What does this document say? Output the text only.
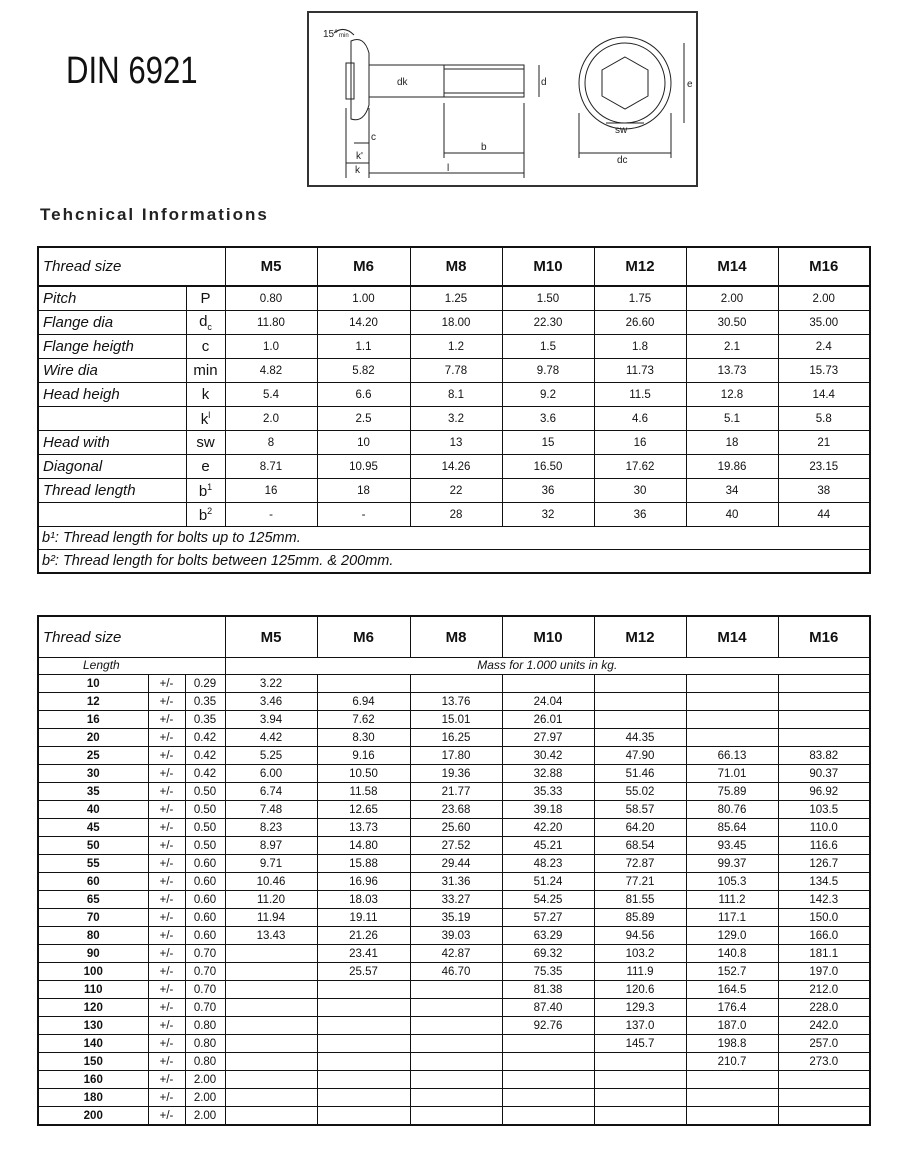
DIN 6921
15° min
dk	d
c
k'
k
b
l
e
sw
dc
Tehcnical Informations
Thread size		M5	M6	M8	M10	M12	M14	M16
Pitch	P	0.80	1.00	1.25	1.50	1.75	2.00	2.00
Flange dia	$d_c$	11.80	14.20	18.00	22.30	26.60	30.50	35.00
Flange heigth	c	1.0	1.1	1.2	1.5	1.8	2.1	2.4
Wire dia	min	4.82	5.82	7.78	9.78	11.73	13.73	15.73
Head heigh	k	5.4	6.6	8.1	9.2	11.5	12.8	14.4
	$k^l$	2.0	2.5	3.2	3.6	4.6	5.1	5.8
Head with	sw	8	10	13	15	16	18	21
Diagonal	e	8.71	10.95	14.26	16.50	17.62	19.86	23.15
Thread length	$b^1$	16	18	22	36	30	34	38
	$b^2$	-	-	28	32	36	40	44
b¹: Thread length for bolts up to 125mm.								
b²: Thread length for bolts between 125mm. & 200mm.								
Thread size			M5	M6	M8	M10	M12	M14	M16
Length			Mass for 1.000 units in kg.						
10	+/-	0.29	3.22						
12	+/-	0.35	3.46	6.94	13.76	24.04			
16	+/-	0.35	3.94	7.62	15.01	26.01			
20	+/-	0.42	4.42	8.30	16.25	27.97	44.35		
25	+/-	0.42	5.25	9.16	17.80	30.42	47.90	66.13	83.82
30	+/-	0.42	6.00	10.50	19.36	32.88	51.46	71.01	90.37
35	+/-	0.50	6.74	11.58	21.77	35.33	55.02	75.89	96.92
40	+/-	0.50	7.48	12.65	23.68	39.18	58.57	80.76	103.5
45	+/-	0.50	8.23	13.73	25.60	42.20	64.20	85.64	110.0
50	+/-	0.50	8.97	14.80	27.52	45.21	68.54	93.45	116.6
55	+/-	0.60	9.71	15.88	29.44	48.23	72.87	99.37	126.7
60	+/-	0.60	10.46	16.96	31.36	51.24	77.21	105.3	134.5
65	+/-	0.60	11.20	18.03	33.27	54.25	81.55	111.2	142.3
70	+/-	0.60	11.94	19.11	35.19	57.27	85.89	117.1	150.0
80	+/-	0.60	13.43	21.26	39.03	63.29	94.56	129.0	166.0
90	+/-	0.70		23.41	42.87	69.32	103.2	140.8	181.1
100	+/-	0.70		25.57	46.70	75.35	111.9	152.7	197.0
110	+/-	0.70				81.38	120.6	164.5	212.0
120	+/-	0.70				87.40	129.3	176.4	228.0
130	+/-	0.80				92.76	137.0	187.0	242.0
140	+/-	0.80					145.7	198.8	257.0
150	+/-	0.80						210.7	273.0
160	+/-	2.00							
180	+/-	2.00							
200	+/-	2.00							
